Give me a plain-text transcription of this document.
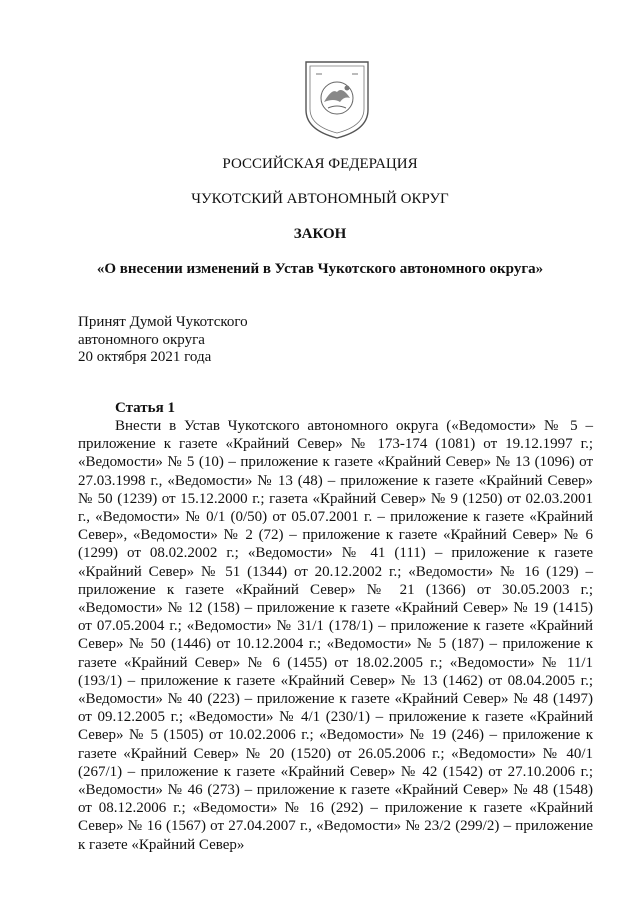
РОССИЙСКАЯ ФЕДЕРАЦИЯ
ЧУКОТСКИЙ АВТОНОМНЫЙ ОКРУГ
ЗАКОН
«О внесении изменений в Устав Чукотского автономного округа»
Принят Думой Чукотского
автономного округа
20 октября 2021 года
Статья 1

Внести в Устав Чукотского автономного округа («Ведомости» № 5 – приложение к газете «Крайний Север» № 173-174 (1081) от 19.12.1997 г.; «Ведомости» № 5 (10) – приложение к газете «Крайний Север» № 13 (1096) от 27.03.1998 г., «Ведомости» № 13 (48) – приложение к газете «Крайний Север» № 50 (1239) от 15.12.2000 г.; газета «Крайний Север» № 9 (1250) от 02.03.2001 г., «Ведомости» № 0/1 (0/50) от 05.07.2001 г. – приложение к газете «Крайний Север», «Ведомости» № 2 (72) – приложение к газете «Крайний Север» № 6 (1299) от 08.02.2002 г.; «Ведомости» № 41 (111) – приложение к газете «Крайний Север» № 51 (1344) от 20.12.2002 г.; «Ведомости» № 16 (129) – приложение к газете «Крайний Север» № 21 (1366) от 30.05.2003 г.; «Ведомости» № 12 (158) – приложение к газете «Крайний Север» № 19 (1415) от 07.05.2004 г.; «Ведомости» № 31/1 (178/1) – приложение к газете «Крайний Север» № 50 (1446) от 10.12.2004 г.; «Ведомости» № 5 (187) – приложение к газете «Крайний Север» № 6 (1455) от 18.02.2005 г.; «Ведомости» № 11/1 (193/1) – приложение к газете «Крайний Север» № 13 (1462) от 08.04.2005 г.; «Ведомости» № 40 (223) – приложение к газете «Крайний Север» № 48 (1497) от 09.12.2005 г.; «Ведомости» № 4/1 (230/1) – приложение к газете «Крайний Север» № 5 (1505) от 10.02.2006 г.; «Ведомости» № 19 (246) – приложение к газете «Крайний Север» № 20 (1520) от 26.05.2006 г.; «Ведомости» № 40/1 (267/1) – приложение к газете «Крайний Север» № 42 (1542) от 27.10.2006 г.; «Ведомости» № 46 (273) – приложение к газете «Крайний Север» № 48 (1548) от 08.12.2006 г.; «Ведомости» № 16 (292) – приложение к газете «Крайний Север» № 16 (1567) от 27.04.2007 г., «Ведомости» № 23/2 (299/2) – приложение к газете «Крайний Север»
